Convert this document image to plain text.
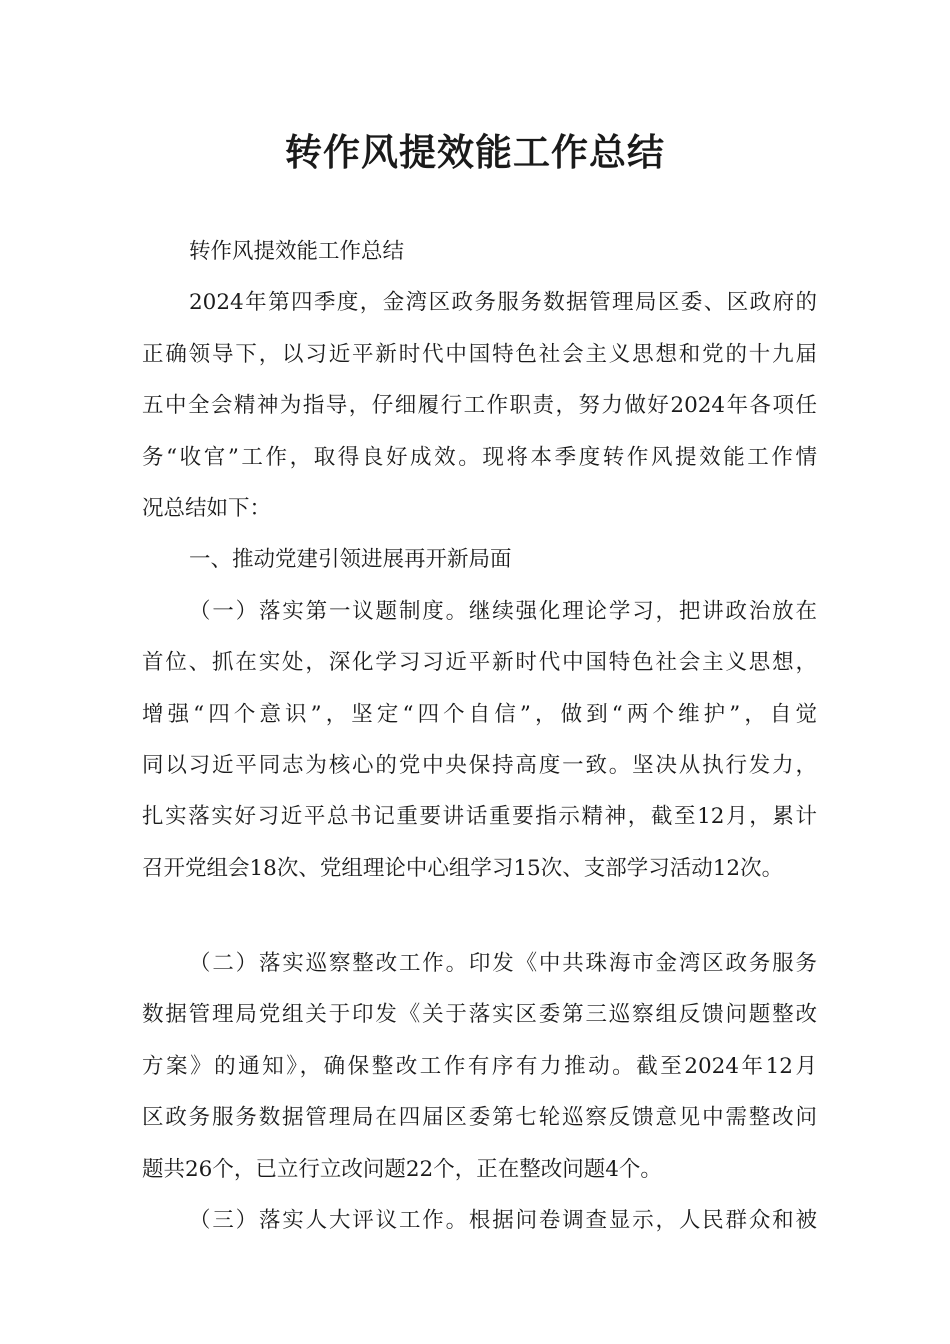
转作风提效能工作总结
转作风提效能工作总结
2024年第四季度，金湾区政务服务数据管理局区委、区政府的
正确领导下，以习近平新时代中国特色社会主义思想和党的十九届
五中全会精神为指导，仔细履行工作职责，努力做好2024年各项任
务“收官”工作，取得良好成效。现将本季度转作风提效能工作情
况总结如下：
一、推动党建引领进展再开新局面
（一）落实第一议题制度。继续强化理论学习，把讲政治放在
首位、抓在实处，深化学习习近平新时代中国特色社会主义思想，
增强“四个意识”，坚定“四个自信”，做到“两个维护”，自觉
同以习近平同志为核心的党中央保持高度一致。坚决从执行发力，
扎实落实好习近平总书记重要讲话重要指示精神，截至12月，累计
召开党组会18次、党组理论中心组学习15次、支部学习活动12次。
（二）落实巡察整改工作。印发《中共珠海市金湾区政务服务
数据管理局党组关于印发《关于落实区委第三巡察组反馈问题整改
方案》的通知》，确保整改工作有序有力推动。截至2024年12月
区政务服务数据管理局在四届区委第七轮巡察反馈意见中需整改问
题共26个，已立行立改问题22个，正在整改问题4个。
（三）落实人大评议工作。根据问卷调查显示，人民群众和被
